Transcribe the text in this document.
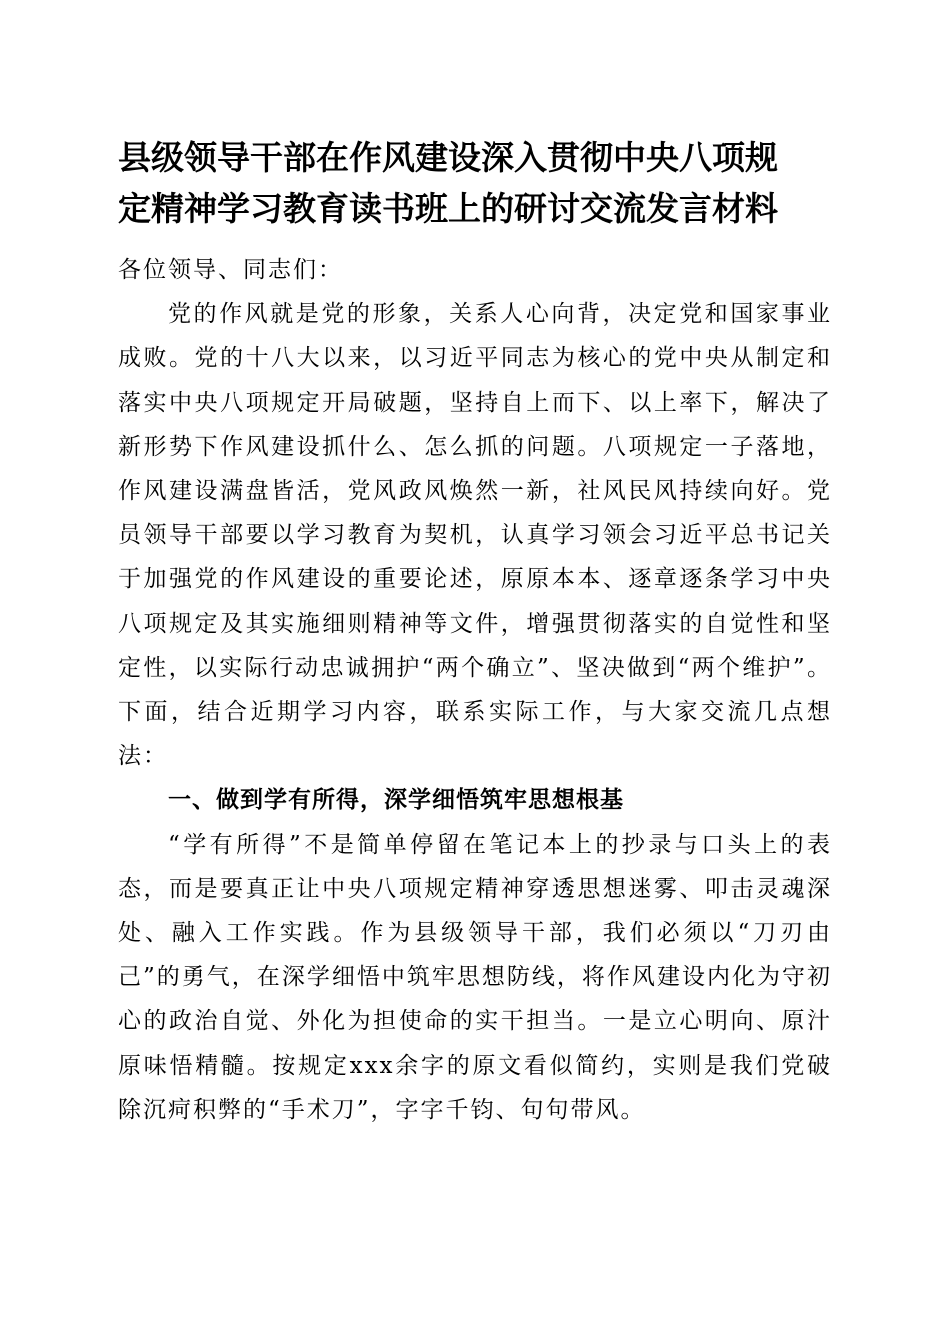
县级领导干部在作风建设深入贯彻中央八项规
定精神学习教育读书班上的研讨交流发言材料

各位领导、同志们：

党的作风就是党的形象，关系人心向背，决定党和国家事业成败。党的十八大以来，以习近平同志为核心的党中央从制定和落实中央八项规定开局破题，坚持自上而下、以上率下，解决了新形势下作风建设抓什么、怎么抓的问题。八项规定一子落地，作风建设满盘皆活，党风政风焕然一新，社风民风持续向好。党员领导干部要以学习教育为契机，认真学习领会习近平总书记关于加强党的作风建设的重要论述，原原本本、逐章逐条学习中央八项规定及其实施细则精神等文件，增强贯彻落实的自觉性和坚定性，以实际行动忠诚拥护“两个确立”、坚决做到“两个维护”。下面，结合近期学习内容，联系实际工作，与大家交流几点想法：

一、做到学有所得，深学细悟筑牢思想根基

“学有所得”不是简单停留在笔记本上的抄录与口头上的表态，而是要真正让中央八项规定精神穿透思想迷雾、叩击灵魂深处、融入工作实践。作为县级领导干部，我们必须以“刀刃由己”的勇气，在深学细悟中筑牢思想防线，将作风建设内化为守初心的政治自觉、外化为担使命的实干担当。一是立心明向、原汁原味悟精髓。按规定xxx余字的原文看似简约，实则是我们党破除沉疴积弊的“手术刀”，字字千钧、句句带风。
